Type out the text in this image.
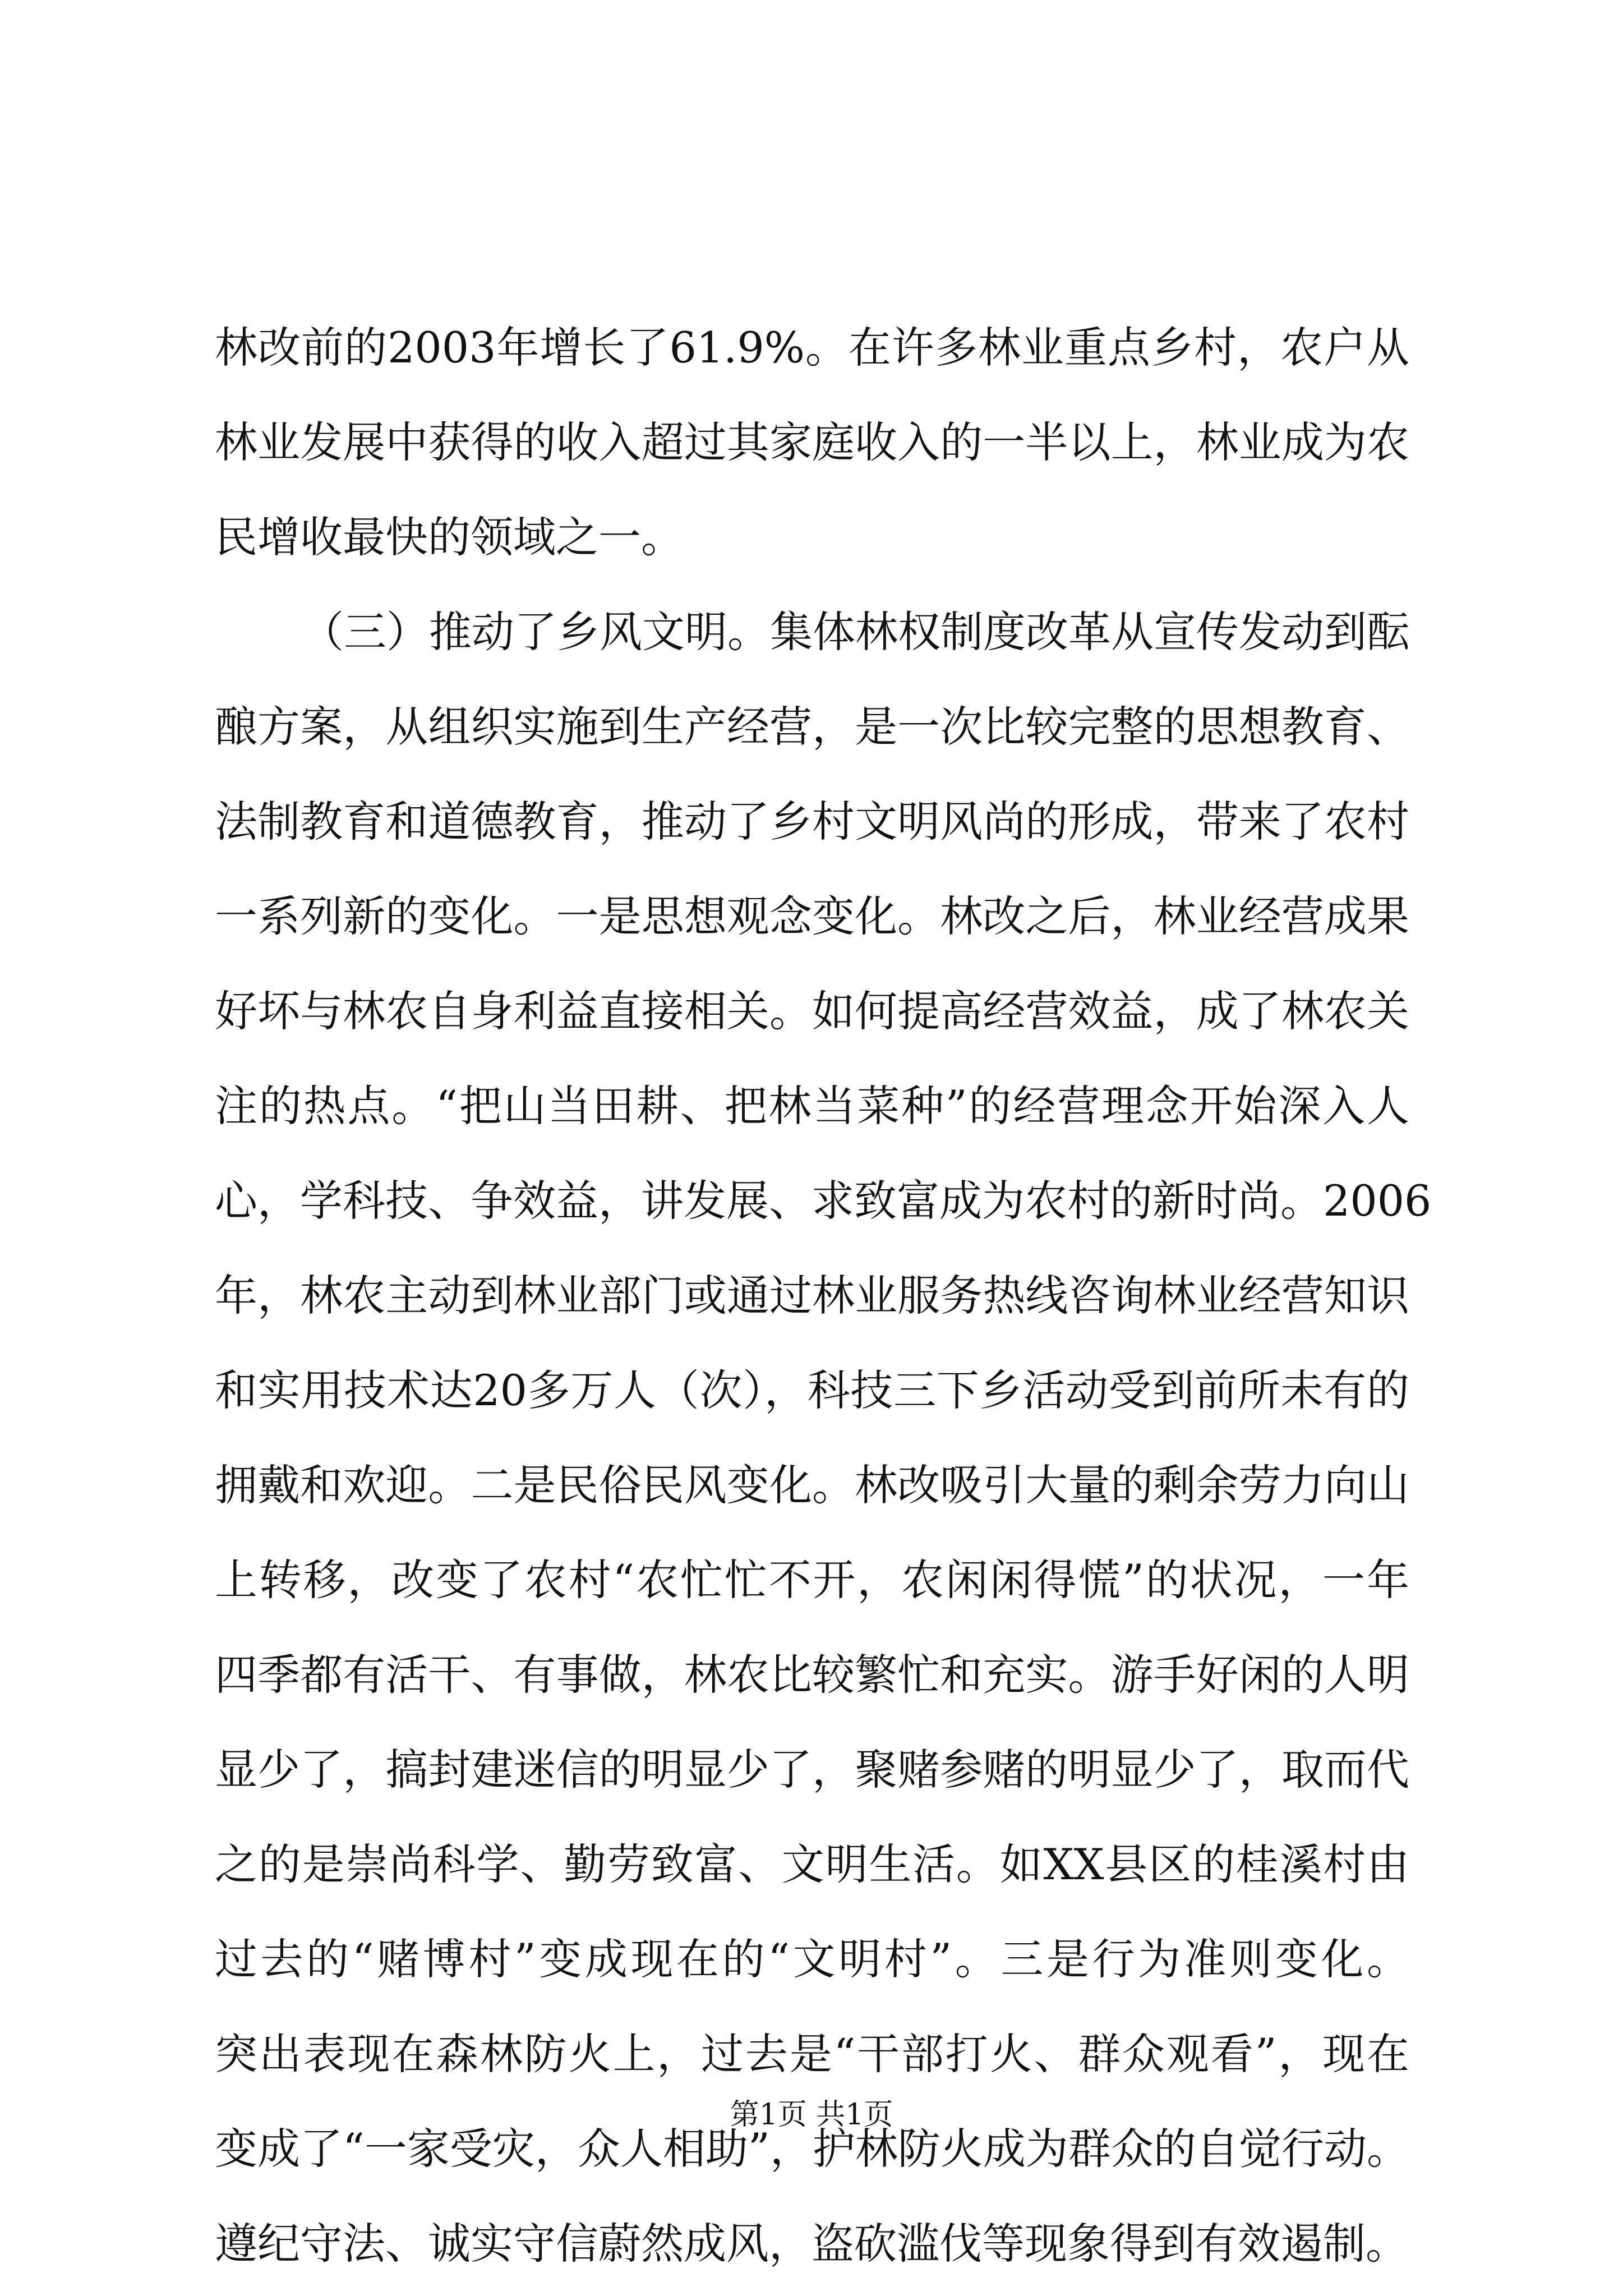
林改前的2003年增长了61.9%。在许多林业重点乡村，农户从
林业发展中获得的收入超过其家庭收入的一半以上，林业成为农
民增收最快的领域之一。
（三）推动了乡风文明。集体林权制度改革从宣传发动到酝
酿方案，从组织实施到生产经营，是一次比较完整的思想教育、
法制教育和道德教育，推动了乡村文明风尚的形成，带来了农村
一系列新的变化。一是思想观念变化。林改之后，林业经营成果
好坏与林农自身利益直接相关。如何提高经营效益，成了林农关
注的热点。“把山当田耕、把林当菜种”的经营理念开始深入人
心，学科技、争效益，讲发展、求致富成为农村的新时尚。2006
年，林农主动到林业部门或通过林业服务热线咨询林业经营知识
和实用技术达20多万人（次），科技三下乡活动受到前所未有的
拥戴和欢迎。二是民俗民风变化。林改吸引大量的剩余劳力向山
上转移，改变了农村“农忙忙不开，农闲闲得慌”的状况，一年
四季都有活干、有事做，林农比较繁忙和充实。游手好闲的人明
显少了，搞封建迷信的明显少了，聚赌参赌的明显少了，取而代
之的是崇尚科学、勤劳致富、文明生活。如XX县区的桂溪村由
过去的“赌博村”变成现在的“文明村”。三是行为准则变化。
突出表现在森林防火上，过去是“干部打火、群众观看”，现在
变成了“一家受灾，众人相助”，护林防火成为群众的自觉行动。
遵纪守法、诚实守信蔚然成风，盗砍滥伐等现象得到有效遏制。
第1页 共1页
